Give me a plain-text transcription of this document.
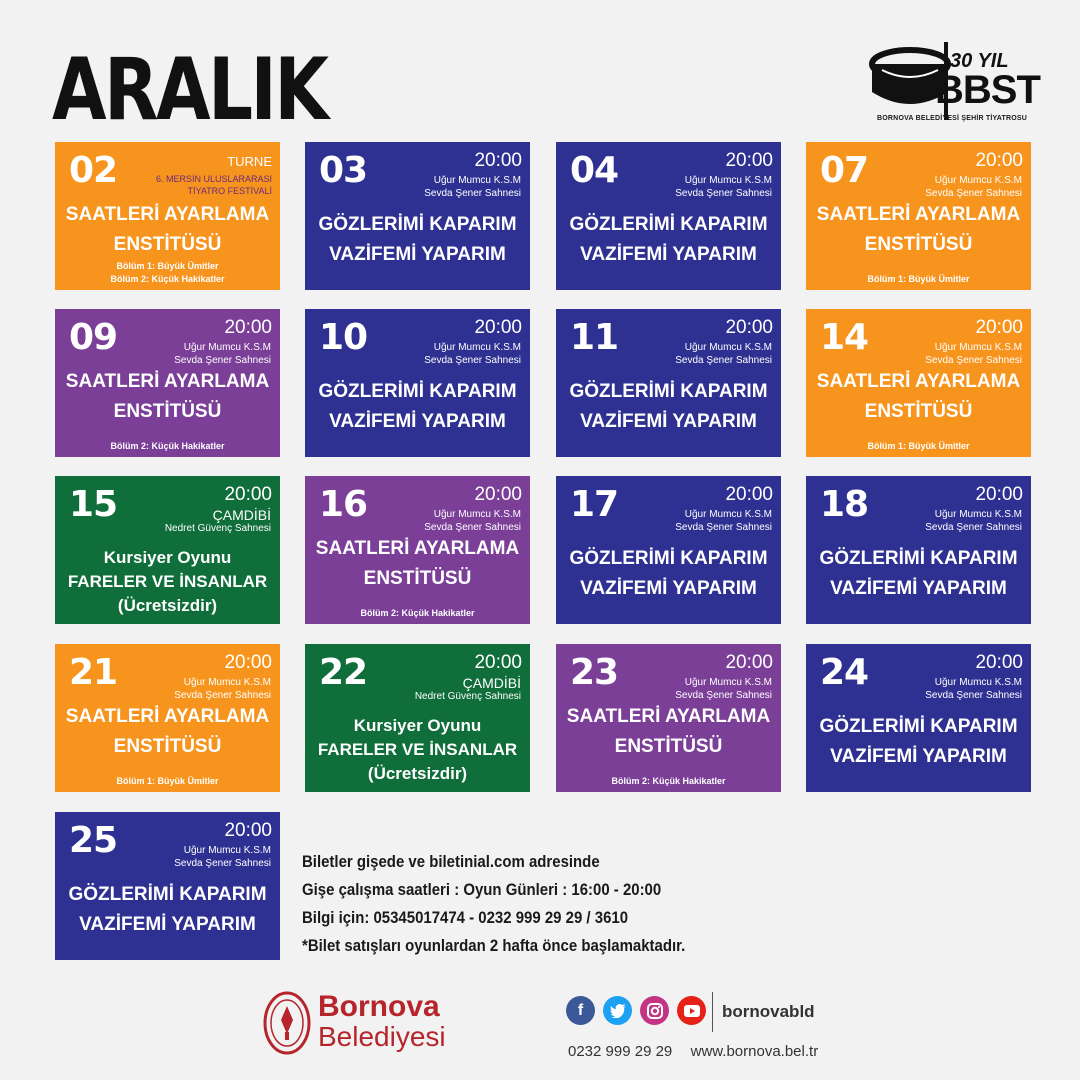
ARALIK	30 YIL
BBST
BORNOVA BELEDİYESİ ŞEHİR TİYATROSU
02	TURNE
6. MERSİN ULUSLARARASI
TİYATRO FESTİVALİ
SAATLERİ AYARLAMA
ENSTİTÜSÜ
Bölüm 1: Büyük Ümitler
Bölüm 2: Küçük Hakikatler
03	20:00
Uğur Mumcu K.S.M
Sevda Şener Sahnesi
GÖZLERİMİ KAPARIM
VAZİFEMİ YAPARIM
04	20:00
Uğur Mumcu K.S.M
Sevda Şener Sahnesi
GÖZLERİMİ KAPARIM
VAZİFEMİ YAPARIM
07	20:00
Uğur Mumcu K.S.M
Sevda Şener Sahnesi
SAATLERİ AYARLAMA
ENSTİTÜSÜ
Bölüm 1: Büyük Ümitler
09	20:00
Uğur Mumcu K.S.M
Sevda Şener Sahnesi
SAATLERİ AYARLAMA
ENSTİTÜSÜ
Bölüm 2: Küçük Hakikatler
10	20:00
Uğur Mumcu K.S.M
Sevda Şener Sahnesi
GÖZLERİMİ KAPARIM
VAZİFEMİ YAPARIM
11	20:00
Uğur Mumcu K.S.M
Sevda Şener Sahnesi
GÖZLERİMİ KAPARIM
VAZİFEMİ YAPARIM
14	20:00
Uğur Mumcu K.S.M
Sevda Şener Sahnesi
SAATLERİ AYARLAMA
ENSTİTÜSÜ
Bölüm 1: Büyük Ümitler
15	20:00
ÇAMDİBİ
Nedret Güvenç Sahnesi
Kursiyer Oyunu
FARELER VE İNSANLAR
(Ücretsizdir)
16	20:00
Uğur Mumcu K.S.M
Sevda Şener Sahnesi
SAATLERİ AYARLAMA
ENSTİTÜSÜ
Bölüm 2: Küçük Hakikatler
17	20:00
Uğur Mumcu K.S.M
Sevda Şener Sahnesi
GÖZLERİMİ KAPARIM
VAZİFEMİ YAPARIM
18	20:00
Uğur Mumcu K.S.M
Sevda Şener Sahnesi
GÖZLERİMİ KAPARIM
VAZİFEMİ YAPARIM
21	20:00
Uğur Mumcu K.S.M
Sevda Şener Sahnesi
SAATLERİ AYARLAMA
ENSTİTÜSÜ
Bölüm 1: Büyük Ümitler
22	20:00
ÇAMDİBİ
Nedret Güvenç Sahnesi
Kursiyer Oyunu
FARELER VE İNSANLAR
(Ücretsizdir)
23	20:00
Uğur Mumcu K.S.M
Sevda Şener Sahnesi
SAATLERİ AYARLAMA
ENSTİTÜSÜ
Bölüm 2: Küçük Hakikatler
24	20:00
Uğur Mumcu K.S.M
Sevda Şener Sahnesi
GÖZLERİMİ KAPARIM
VAZİFEMİ YAPARIM
25	20:00
Uğur Mumcu K.S.M
Sevda Şener Sahnesi
GÖZLERİMİ KAPARIM
VAZİFEMİ YAPARIM
Biletler gişede ve biletinial.com adresinde
Gişe çalışma saatleri : Oyun Günleri : 16:00 - 20:00
Bilgi için: 05345017474 - 0232 999 29 29 / 3610
*Bilet satışları oyunlardan 2 hafta önce başlamaktadır.
Bornova
Belediyesi
f	bornovabld
0232 999 29 29 www.bornova.bel.tr
